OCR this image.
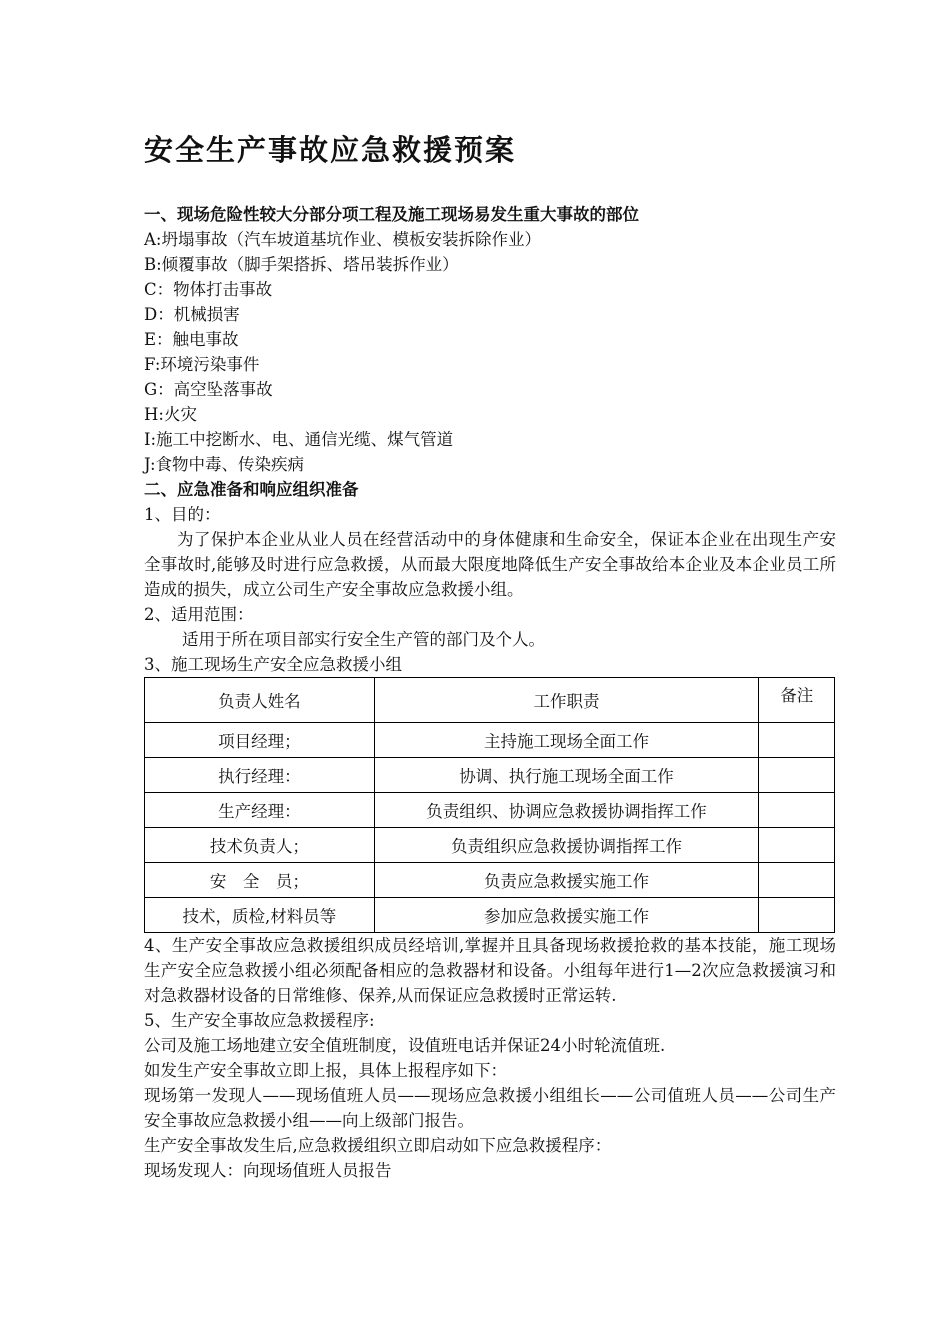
安全生产事故应急救援预案
一、现场危险性较大分部分项工程及施工现场易发生重大事故的部位
A:坍塌事故（汽车坡道基坑作业、模板安装拆除作业）
B:倾覆事故（脚手架搭拆、塔吊装拆作业）
C：物体打击事故
D：机械损害
E：触电事故
F:环境污染事件
G：高空坠落事故
H:火灾
I:施工中挖断水、电、通信光缆、煤气管道
J:食物中毒、传染疾病
二、应急准备和响应组织准备
1、目的：
为了保护本企业从业人员在经营活动中的身体健康和生命安全，保证本企业在出现生产安全事故时,能够及时进行应急救援，从而最大限度地降低生产安全事故给本企业及本企业员工所造成的损失，成立公司生产安全事故应急救援小组。
2、适用范围：
适用于所在项目部实行安全生产管的部门及个人。
3、施工现场生产安全应急救援小组
负责人姓名	工作职责	备注
项目经理；	主持施工现场全面工作	
执行经理：	协调、执行施工现场全面工作	
生产经理：	负责组织、协调应急救援协调指挥工作	
技术负责人；	负责组织应急救援协调指挥工作	
安　全　员；	负责应急救援实施工作	
技术，质检,材料员等	参加应急救援实施工作	
4、生产安全事故应急救援组织成员经培训,掌握并且具备现场救援抢救的基本技能，施工现场生产安全应急救援小组必须配备相应的急救器材和设备。小组每年进行1—2次应急救援演习和对急救器材设备的日常维修、保养,从而保证应急救援时正常运转.
5、生产安全事故应急救援程序:
公司及施工场地建立安全值班制度，设值班电话并保证24小时轮流值班.
如发生产安全事故立即上报，具体上报程序如下：
现场第一发现人——现场值班人员——现场应急救援小组组长——公司值班人员——公司生产安全事故应急救援小组——向上级部门报告。
生产安全事故发生后,应急救援组织立即启动如下应急救援程序：
现场发现人：向现场值班人员报告
